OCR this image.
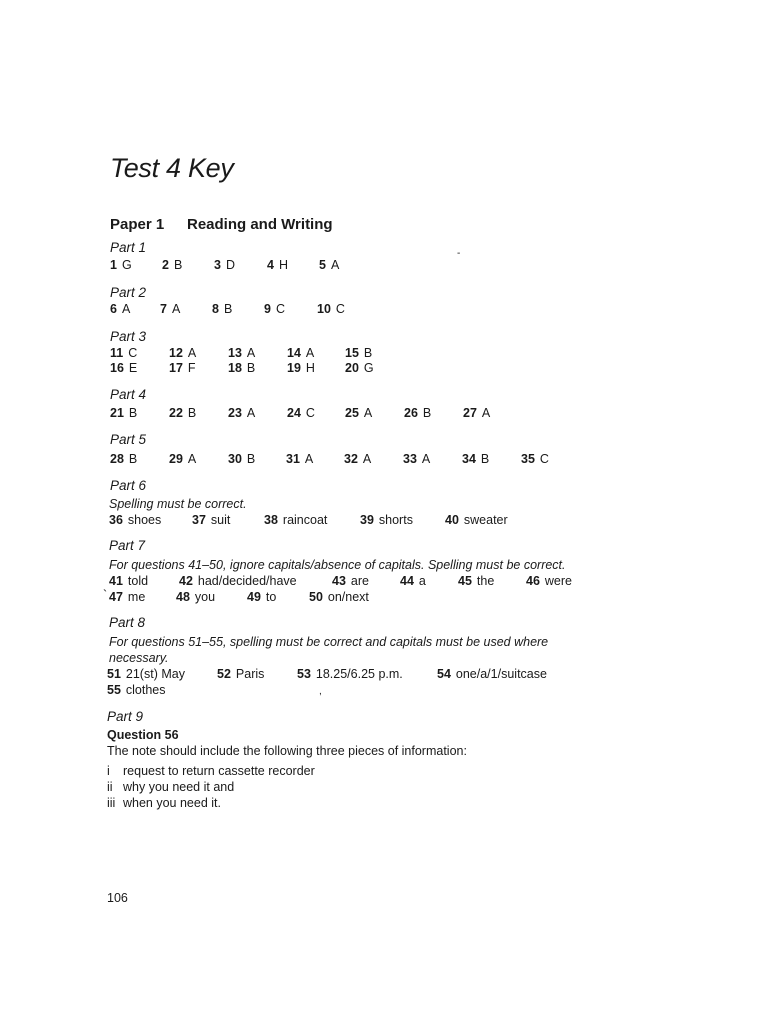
Test 4 Key
Paper 1 Reading and Writing
-
Part 1
1 G 2 B	3 D	4 H 5 A
Part 2
6 A 7 A	8 B	9 C	10 C
Part 3
11 C	12 A	13 A	14 A 15 B
16 E	17 F	18 B	19 H 20 G
Part 4
21 B	22 B	23 A	24 C 25 A	26 B	27 A
Part 5
28 B	29 A	30 B 31 A 32 A	33 A	34 B	35 C
Part 6
Spelling must be correct.
36 shoes 37 suit	38 raincoat	39 shorts	40 sweater
Part 7
For questions 41–50, ignore capitals/absence of capitals. Spelling must be correct.
41 told 42 had/decided/have	43 are 44 a	45 the	46 were
` 47 me 48 you	49 to	50 on/next
Part 8
For questions 51–55, spelling must be correct and capitals must be used where
necessary.
51 21(st) May	52 Paris	53 18.25/6.25 p.m.	54 one/a/1/suitcase
55 clothes	,
Part 9
Question 56
The note should include the following three pieces of information:
i request to return cassette recorder
ii why you need it and
iii when you need it.
106
